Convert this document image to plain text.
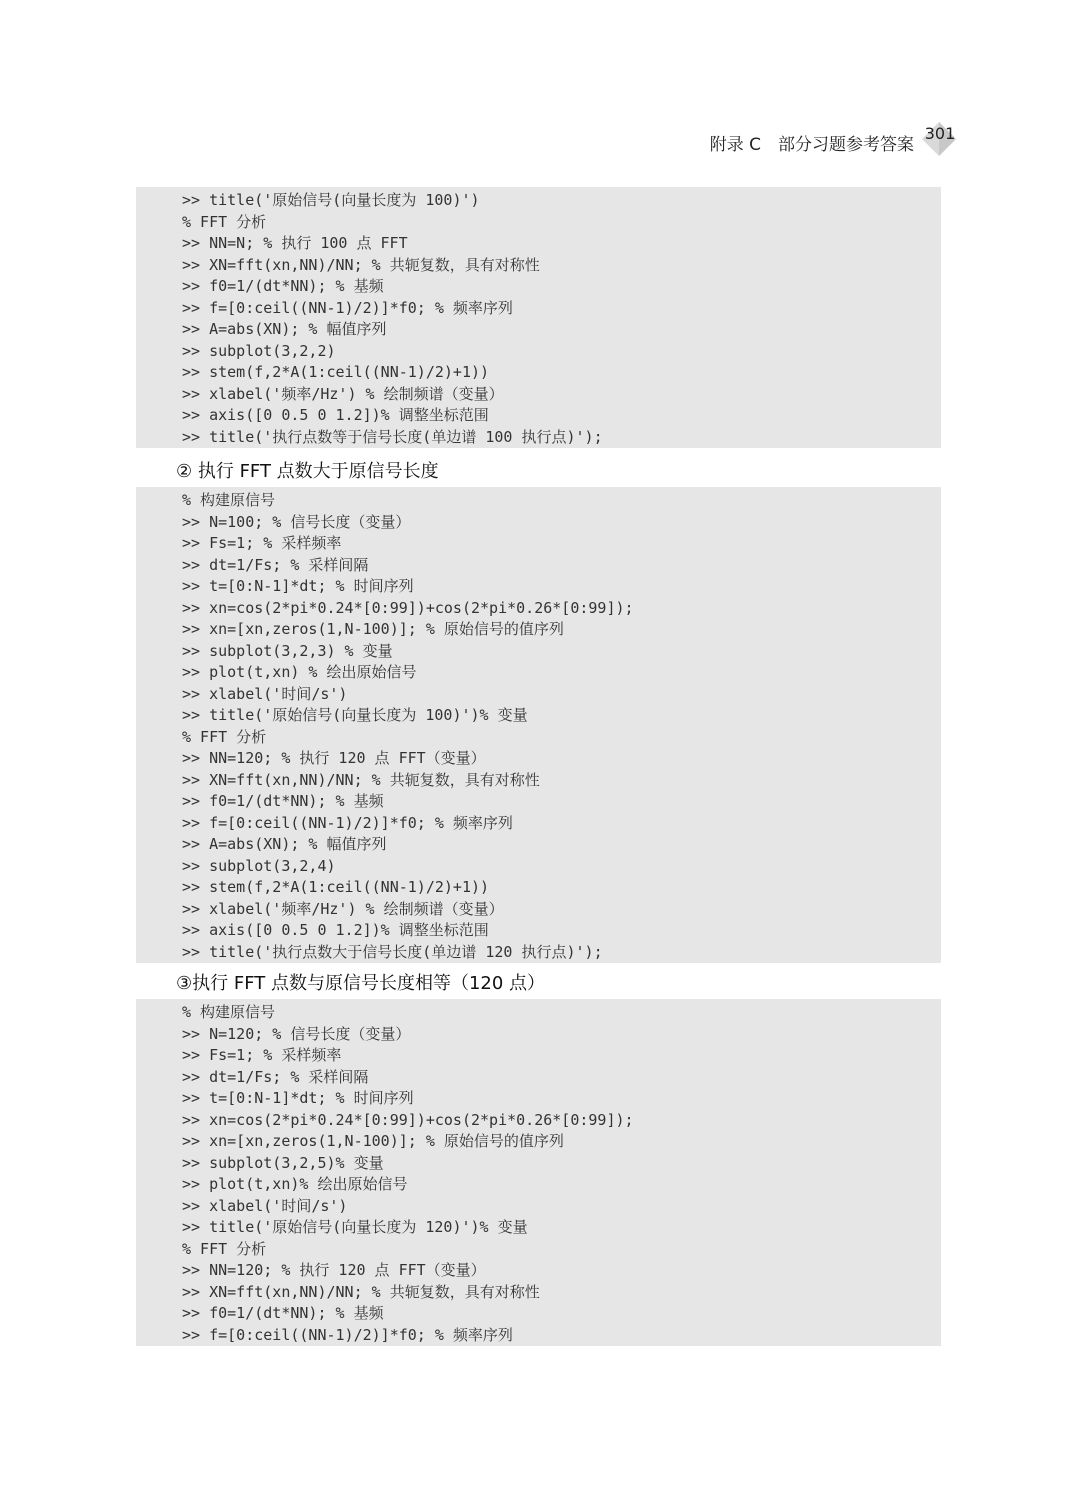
附录 C　部分习题参考答案
301
>> title('原始信号(向量长度为 100)')
% FFT 分析
>> NN=N; % 执行 100 点 FFT
>> XN=fft(xn,NN)/NN; % 共轭复数，具有对称性
>> f0=1/(dt*NN); % 基频
>> f=[0:ceil((NN-1)/2)]*f0; % 频率序列
>> A=abs(XN); % 幅值序列
>> subplot(3,2,2)
>> stem(f,2*A(1:ceil((NN-1)/2)+1))
>> xlabel('频率/Hz') % 绘制频谱（变量）
>> axis([0 0.5 0 1.2])% 调整坐标范围
>> title('执行点数等于信号长度(单边谱 100 执行点)');
② 执行 FFT 点数大于原信号长度
% 构建原信号
>> N=100; % 信号长度（变量）
>> Fs=1; % 采样频率
>> dt=1/Fs; % 采样间隔
>> t=[0:N-1]*dt; % 时间序列
>> xn=cos(2*pi*0.24*[0:99])+cos(2*pi*0.26*[0:99]);
>> xn=[xn,zeros(1,N-100)]; % 原始信号的值序列
>> subplot(3,2,3) % 变量
>> plot(t,xn) % 绘出原始信号
>> xlabel('时间/s')
>> title('原始信号(向量长度为 100)')% 变量
% FFT 分析
>> NN=120; % 执行 120 点 FFT（变量）
>> XN=fft(xn,NN)/NN; % 共轭复数，具有对称性
>> f0=1/(dt*NN); % 基频
>> f=[0:ceil((NN-1)/2)]*f0; % 频率序列
>> A=abs(XN); % 幅值序列
>> subplot(3,2,4)
>> stem(f,2*A(1:ceil((NN-1)/2)+1))
>> xlabel('频率/Hz') % 绘制频谱（变量）
>> axis([0 0.5 0 1.2])% 调整坐标范围
>> title('执行点数大于信号长度(单边谱 120 执行点)');
③执行 FFT 点数与原信号长度相等（120 点）
% 构建原信号
>> N=120; % 信号长度（变量）
>> Fs=1; % 采样频率
>> dt=1/Fs; % 采样间隔
>> t=[0:N-1]*dt; % 时间序列
>> xn=cos(2*pi*0.24*[0:99])+cos(2*pi*0.26*[0:99]);
>> xn=[xn,zeros(1,N-100)]; % 原始信号的值序列
>> subplot(3,2,5)% 变量
>> plot(t,xn)% 绘出原始信号
>> xlabel('时间/s')
>> title('原始信号(向量长度为 120)')% 变量
% FFT 分析
>> NN=120; % 执行 120 点 FFT（变量）
>> XN=fft(xn,NN)/NN; % 共轭复数，具有对称性
>> f0=1/(dt*NN); % 基频
>> f=[0:ceil((NN-1)/2)]*f0; % 频率序列
